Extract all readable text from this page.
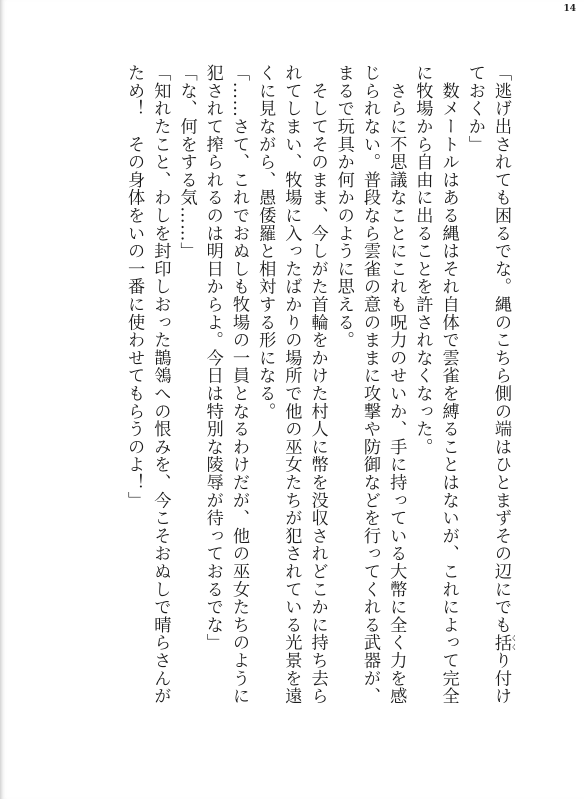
14
「逃げ出されても困るでな。縄のこちら側の端はひとまずその辺にでも括 くくり付け
ておくか」
　数メートルはある縄はそれ自体で雲雀を縛ることはないが、これによって完全
に牧場から自由に出ることを許されなくなった。
　さらに不思議なことにこれも呪力のせいか、手に持っている大幣に全く力を感
じられない。普段なら雲雀の意のままに攻撃や防御などを行ってくれる武器が、
まるで玩具か何かのように思える。
　そしてそのまま、今しがた首輪をかけた村人に幣を没収されどこかに持ち去ら
れてしまい、牧場に入ったばかりの場所で他の巫女たちが犯されている光景を遠
くに見ながら、愚倭羅と相対する形になる。
「……さて、これでおぬしも牧場の一員となるわけだが、他の巫女たちのように
犯されて搾られるのは明日からよ。今日は特別な陵辱が待っておるでな」
「な、何をする気……」
「知れたこと、わしを封印しおった鵲鴒への恨みを、今こそおぬしで晴らさんが
ため！　その身体をいの一番に使わせてもらうのよ！」
